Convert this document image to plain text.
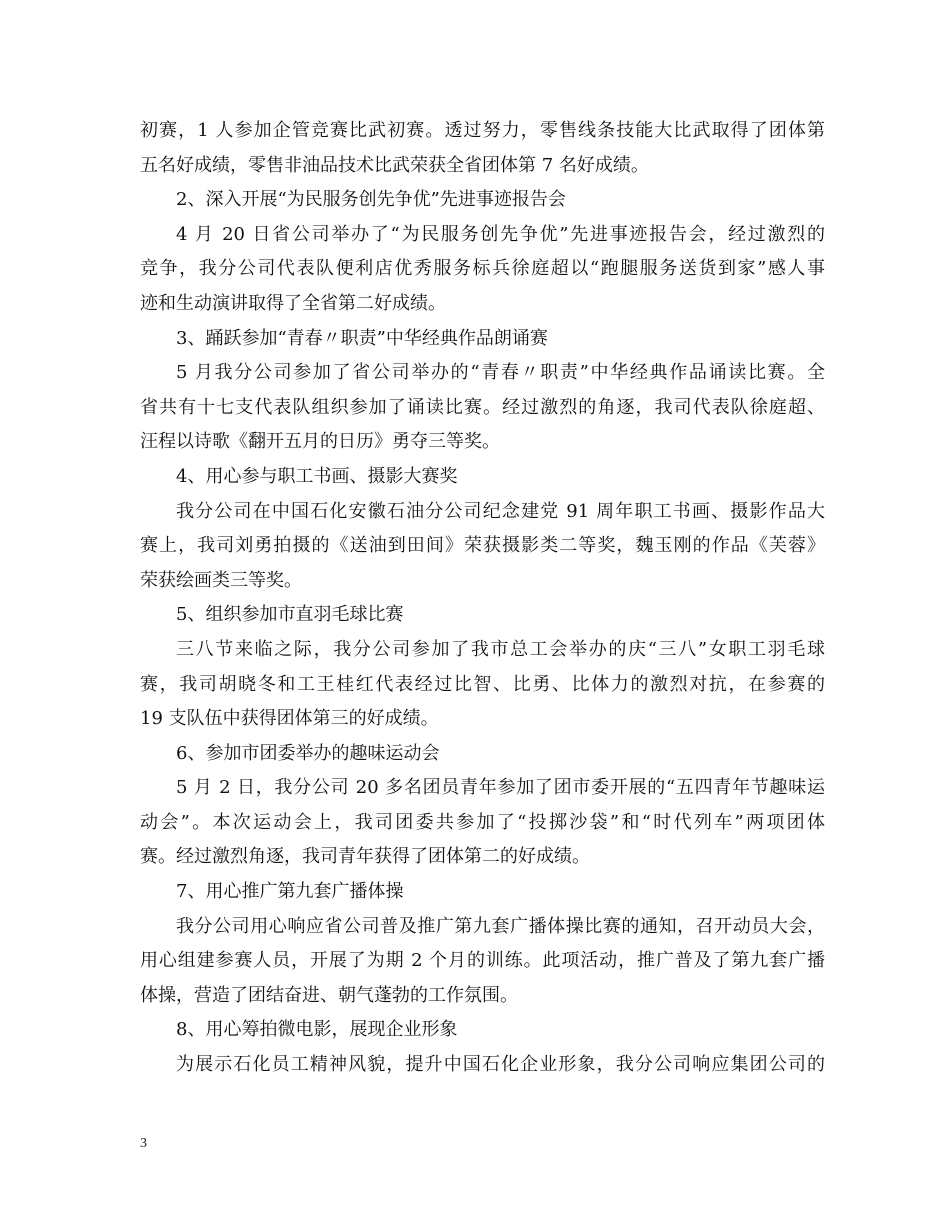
初赛，1 人参加企管竞赛比武初赛。透过努力，零售线条技能大比武取得了团体第
五名好成绩，零售非油品技术比武荣获全省团体第 7 名好成绩。
2、深入开展“为民服务创先争优”先进事迹报告会
4 月 20 日省公司举办了“为民服务创先争优”先进事迹报告会，经过激烈的
竞争，我分公司代表队便利店优秀服务标兵徐庭超以“跑腿服务送货到家”感人事
迹和生动演讲取得了全省第二好成绩。
3、踊跃参加“青春〃职责”中华经典作品朗诵赛
5 月我分公司参加了省公司举办的“青春〃职责”中华经典作品诵读比赛。全
省共有十七支代表队组织参加了诵读比赛。经过激烈的角逐，我司代表队徐庭超、
汪程以诗歌《翻开五月的日历》勇夺三等奖。
4、用心参与职工书画、摄影大赛奖
我分公司在中国石化安徽石油分公司纪念建党 91 周年职工书画、摄影作品大
赛上，我司刘勇拍摄的《送油到田间》荣获摄影类二等奖，魏玉刚的作品《芙蓉》
荣获绘画类三等奖。
5、组织参加市直羽毛球比赛
三八节来临之际，我分公司参加了我市总工会举办的庆“三八”女职工羽毛球
赛，我司胡晓冬和工王桂红代表经过比智、比勇、比体力的激烈对抗，在参赛的
19 支队伍中获得团体第三的好成绩。
6、参加市团委举办的趣味运动会
5 月 2 日，我分公司 20 多名团员青年参加了团市委开展的“五四青年节趣味运
动会”。本次运动会上，我司团委共参加了“投掷沙袋”和“时代列车”两项团体
赛。经过激烈角逐，我司青年获得了团体第二的好成绩。
7、用心推广第九套广播体操
我分公司用心响应省公司普及推广第九套广播体操比赛的通知，召开动员大会，
用心组建参赛人员，开展了为期 2 个月的训练。此项活动，推广普及了第九套广播
体操，营造了团结奋进、朝气蓬勃的工作氛围。
8、用心筹拍微电影，展现企业形象
为展示石化员工精神风貌，提升中国石化企业形象，我分公司响应集团公司的
3
